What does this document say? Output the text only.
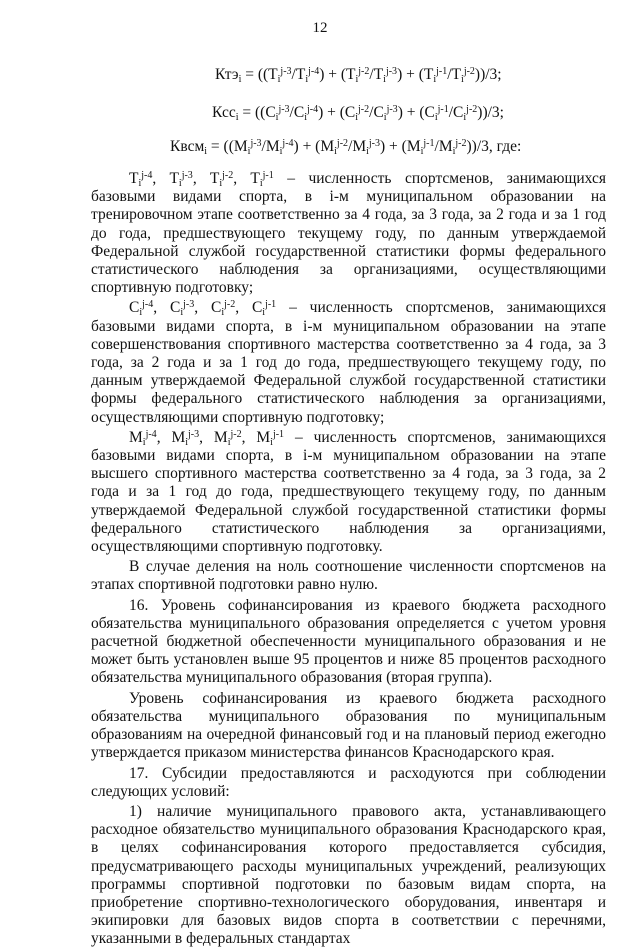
12
$Ктэ_i = ((T_i^{j-3}/T_i^{j-4}) + (T_i^{j-2}/T_i^{j-3}) + (T_i^{j-1}/T_i^{j-2}))/3$;
$Ксс_i = ((C_i^{j-3}/C_i^{j-4}) + (C_i^{j-2}/C_i^{j-3}) + (C_i^{j-1}/C_i^{j-2}))/3$;
Квсм$_i$ = $((M_i^{j-3}/M_i^{j-4}) + (M_i^{j-2}/M_i^{j-3}) + (M_i^{j-1}/M_i^{j-2}))/3$, где:

$T_i^{j-4}$, $T_i^{j-3}$, $T_i^{j-2}$, $T_i^{j-1}$ – численность спортсменов, занимающихся базовыми видами спорта, в i-м муниципальном образовании на тренировочном этапе соответственно за 4 года, за 3 года, за 2 года и за 1 год до года, предшествующего текущему году, по данным утверждаемой Федеральной службой государственной статистики формы федерального статистического наблюдения за организациями, осуществляющими спортивную подготовку;

$C_i^{j-4}$, $C_i^{j-3}$, $C_i^{j-2}$, $C_i^{j-1}$ – численность спортсменов, занимающихся базовыми видами спорта, в i-м муниципальном образовании на этапе совершенствования спортивного мастерства соответственно за 4 года, за 3 года, за 2 года и за 1 год до года, предшествующего текущему году, по данным утверждаемой Федеральной службой государственной статистики формы федерального статистического наблюдения за организациями, осуществляющими спортивную подготовку;

$M_i^{j-4}$, $M_i^{j-3}$, $M_i^{j-2}$, $M_i^{j-1}$ – численность спортсменов, занимающихся базовыми видами спорта, в i-м муниципальном образовании на этапе высшего спортивного мастерства соответственно за 4 года, за 3 года, за 2 года и за 1 год до года, предшествующего текущему году, по данным утверждаемой Федеральной службой государственной статистики формы федерального статистического наблюдения за организациями, осуществляющими спортивную подготовку.

В случае деления на ноль соотношение численности спортсменов на этапах спортивной подготовки равно нулю.

16. Уровень софинансирования из краевого бюджета расходного обязательства муниципального образования определяется с учетом уровня расчетной бюджетной обеспеченности муниципального образования и не может быть установлен выше 95 процентов и ниже 85 процентов расходного обязательства муниципального образования (вторая группа).

Уровень софинансирования из краевого бюджета расходного обязательства муниципального образования по муниципальным образованиям на очередной финансовый год и на плановый период ежегодно утверждается приказом министерства финансов Краснодарского края.

17. Субсидии предоставляются и расходуются при соблюдении следующих условий:

1) наличие муниципального правового акта, устанавливающего расходное обязательство муниципального образования Краснодарского края, в целях софинансирования которого предоставляется субсидия, предусматривающего расходы муниципальных учреждений, реализующих программы спортивной подготовки по базовым видам спорта, на приобретение спортивно-технологического оборудования, инвентаря и экипировки для базовых видов спорта в соответствии с перечнями, указанными в федеральных стандартах
